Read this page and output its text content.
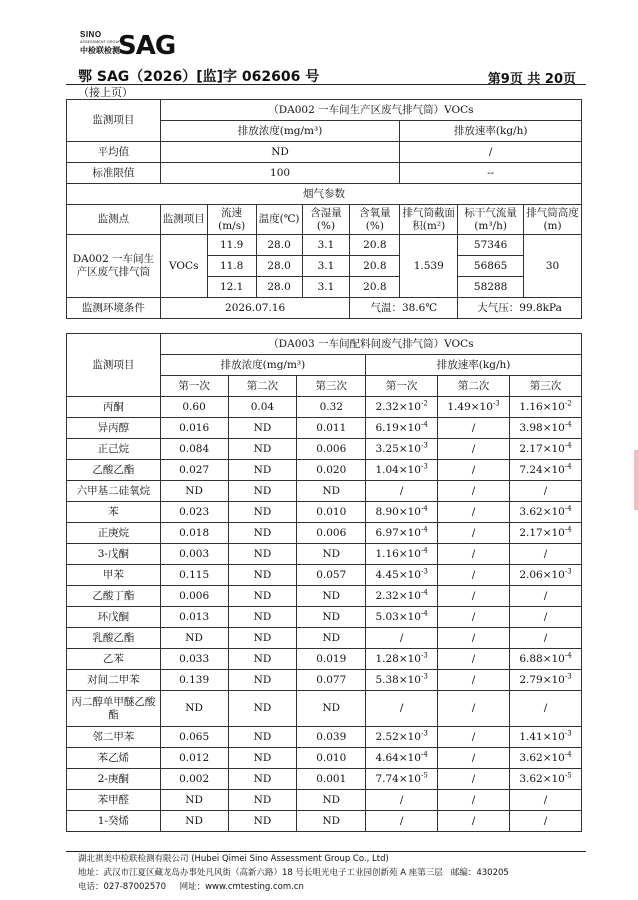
SINO
ASSESSMENT GROUP
中检联检测
SAG
鄂 SAG（2026）[监]字 062606 号	第9页 共 20页
（接上页）
监测项目	（DA002 一车间生产区废气排气筒）VOCs							
	排放浓度(mg/m³)					排放速率(kg/h)		
平均值	ND					/		
标准限值	100					--		
烟气参数								
监测点	监测项目	流速(m/s)	温度(℃)	含湿量(%)	含氧量(%)	排气筒截面积(m²)	标干气流量(m³/h)	排气筒高度(m)
DA002 一车间生产区废气排气筒	VOCs	11.9	28.0	3.1	20.8	1.539	57346	30
		11.8	28.0	3.1	20.8		56865	
		12.1	28.0	3.1	20.8		58288	
监测环境条件	2026.07.16				气温：38.6℃		大气压：99.8kPa	
监测项目	（DA003 一车间配料间废气排气筒）VOCs					
	排放浓度(mg/m³)			排放速率(kg/h)		
	第一次	第二次	第三次	第一次	第二次	第三次
丙酮	0.60	0.04	0.32	$2.32\times 10^{-2}$	$1.49\times 10^{-3}$	$1.16\times 10^{-2}$
异丙醇	0.016	ND	0.011	$6.19\times 10^{-4}$	/	$3.98\times 10^{-4}$
正己烷	0.084	ND	0.006	$3.25\times 10^{-3}$	/	$2.17\times 10^{-4}$
乙酸乙酯	0.027	ND	0.020	$1.04\times 10^{-3}$	/	$7.24\times 10^{-4}$
六甲基二硅氧烷	ND	ND	ND	/	/	/
苯	0.023	ND	0.010	$8.90\times 10^{-4}$	/	$3.62\times 10^{-4}$
正庚烷	0.018	ND	0.006	$6.97\times 10^{-4}$	/	$2.17\times 10^{-4}$
3-戊酮	0.003	ND	ND	$1.16\times 10^{-4}$	/	/
甲苯	0.115	ND	0.057	$4.45\times 10^{-3}$	/	$2.06\times 10^{-3}$
乙酸丁酯	0.006	ND	ND	$2.32\times 10^{-4}$	/	/
环戊酮	0.013	ND	ND	$5.03\times 10^{-4}$	/	/
乳酸乙酯	ND	ND	ND	/	/	/
乙苯	0.033	ND	0.019	$1.28\times 10^{-3}$	/	$6.88\times 10^{-4}$
对间二甲苯	0.139	ND	0.077	$5.38\times 10^{-3}$	/	$2.79\times 10^{-3}$
丙二醇单甲醚乙酸酯	ND	ND	ND	/	/	/
邻二甲苯	0.065	ND	0.039	$2.52\times 10^{-3}$	/	$1.41\times 10^{-3}$
苯乙烯	0.012	ND	0.010	$4.64\times 10^{-4}$	/	$3.62\times 10^{-4}$
2-庚酮	0.002	ND	0.001	$7.74\times 10^{-5}$	/	$3.62\times 10^{-5}$
苯甲醛	ND	ND	ND	/	/	/
1-癸烯	ND	ND	ND	/	/	/
湖北祺美中检联检测有限公司 (Hubei Qimei Sino Assessment Group Co., Ltd)
地址：武汉市江夏区藏龙岛办事处凡风街（高新六路）18 号长咀光电子工业园创新苑 A 座第三层 邮编：430205
电话：027-87002570 网址：www.cmtesting.com.cn
